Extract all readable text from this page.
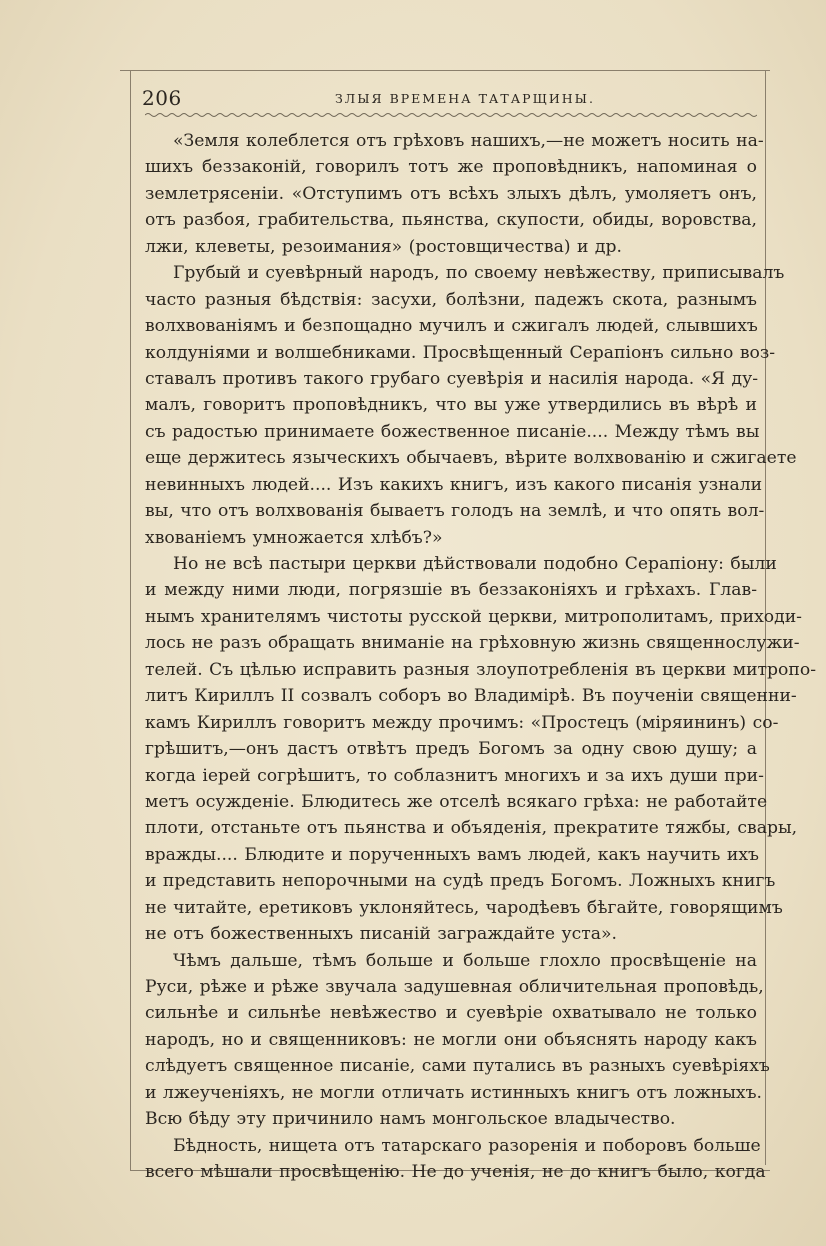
206	ЗЛЫЯ ВРЕМЕНА ТАТАРЩИНЫ.
«Земля колеблется отъ грѣховъ нашихъ,—не можетъ носить на-
шихъ беззаконій, говорилъ тотъ же проповѣдникъ, напоминая о
землетрясеніи. «Отступимъ отъ всѣхъ злыхъ дѣлъ, умоляетъ онъ,
отъ разбоя, грабительства, пьянства, скупости, обиды, воровства,
лжи, клеветы, резоимания» (ростовщичества) и др.
Грубый и суевѣрный народъ, по своему невѣжеству, приписывалъ
часто разныя бѣдствія: засухи, болѣзни, падежъ скота, разнымъ
волхвованіямъ и безпощадно мучилъ и сжигалъ людей, слывшихъ
колдуніями и волшебниками. Просвѣщенный Серапіонъ сильно воз-
ставалъ противъ такого грубаго суевѣрія и насилія народа. «Я ду-
малъ, говоритъ проповѣдникъ, что вы уже утвердились въ вѣрѣ и
съ радостью принимаете божественное писаніе.... Между тѣмъ вы
еще держитесь языческихъ обычаевъ, вѣрите волхвованію и сжигаете
невинныхъ людей.... Изъ какихъ книгъ, изъ какого писанія узнали
вы, что отъ волхвованія бываетъ голодъ на землѣ, и что опять вол-
хвованіемъ умножается хлѣбъ?»
Но не всѣ пастыри церкви дѣйствовали подобно Серапіону: были
и между ними люди, погрязшіе въ беззаконіяхъ и грѣхахъ. Глав-
нымъ хранителямъ чистоты русской церкви, митрополитамъ, приходи-
лось не разъ обращать вниманіе на грѣховную жизнь священнослужи-
телей. Съ цѣлью исправить разныя злоупотребленія въ церкви митропо-
литъ Кириллъ II созвалъ соборъ во Владимірѣ. Въ поученіи священни-
камъ Кириллъ говоритъ между прочимъ: «Простецъ (міряининъ) со-
грѣшитъ,—онъ дастъ отвѣтъ предъ Богомъ за одну свою душу; а
когда іерей согрѣшитъ, то соблазнитъ многихъ и за ихъ души при-
метъ осужденіе. Блюдитесь же отселѣ всякаго грѣха: не работайте
плоти, отстаньте отъ пьянства и объяденія, прекратите тяжбы, свары,
вражды.... Блюдите и порученныхъ вамъ людей, какъ научить ихъ
и представить непорочными на судѣ предъ Богомъ. Ложныхъ книгъ
не читайте, еретиковъ уклоняйтесь, чародѣевъ бѣгайте, говорящимъ
не отъ божественныхъ писаній заграждайте уста».
Чѣмъ дальше, тѣмъ больше и больше глохло просвѣщеніе на
Руси, рѣже и рѣже звучала задушевная обличительная проповѣдь,
сильнѣе и сильнѣе невѣжество и суевѣріе охватывало не только
народъ, но и священниковъ: не могли они объяснять народу какъ
слѣдуетъ священное писаніе, сами путались въ разныхъ суевѣріяхъ
и лжеученіяхъ, не могли отличать истинныхъ книгъ отъ ложныхъ.
Всю бѣду эту причинило намъ монгольское владычество.
Бѣдность, нищета отъ татарскаго разоренія и поборовъ больше
всего мѣшали просвѣщенію. Не до ученія, не до книгъ было, когда
